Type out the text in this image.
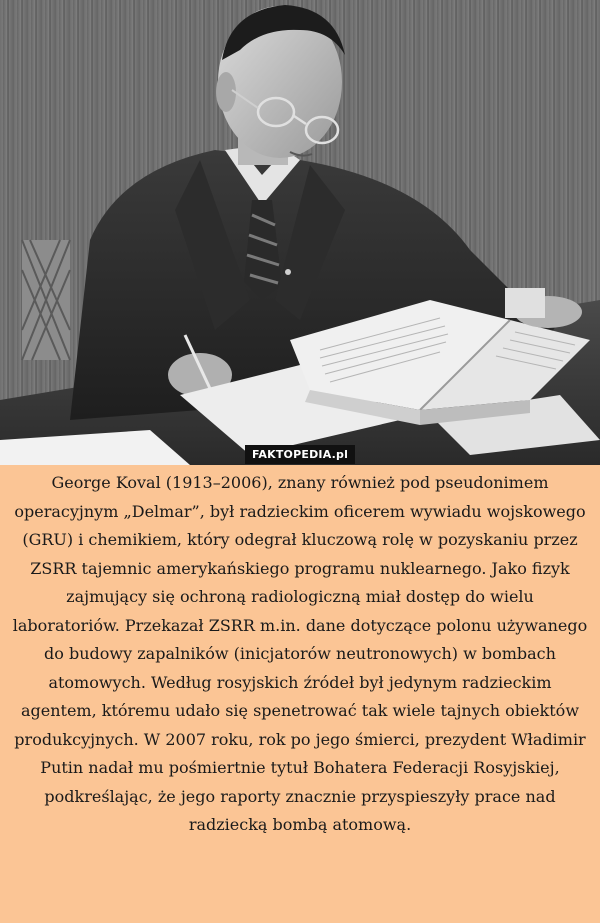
FAKTOPEDIA.pl

George Koval (1913–2006), znany również pod pseudonimem operacyjnym „Delmar”, był radzieckim oficerem wywiadu wojskowego (GRU) i chemikiem, który odegrał kluczową rolę w pozyskaniu przez ZSRR tajemnic amerykańskiego programu nuklearnego. Jako fizyk zajmujący się ochroną radiologiczną miał dostęp do wielu laboratoriów. Przekazał ZSRR m.in. dane dotyczące polonu używanego do budowy zapalników (inicjatorów neutronowych) w bombach atomowych. Według rosyjskich źródeł był jedynym radzieckim agentem, któremu udało się spenetrować tak wiele tajnych obiektów produkcyjnych. W 2007 roku, rok po jego śmierci, prezydent Władimir Putin nadał mu pośmiertnie tytuł Bohatera Federacji Rosyjskiej, podkreślając, że jego raporty znacznie przyspieszyły prace nad radziecką bombą atomową.
